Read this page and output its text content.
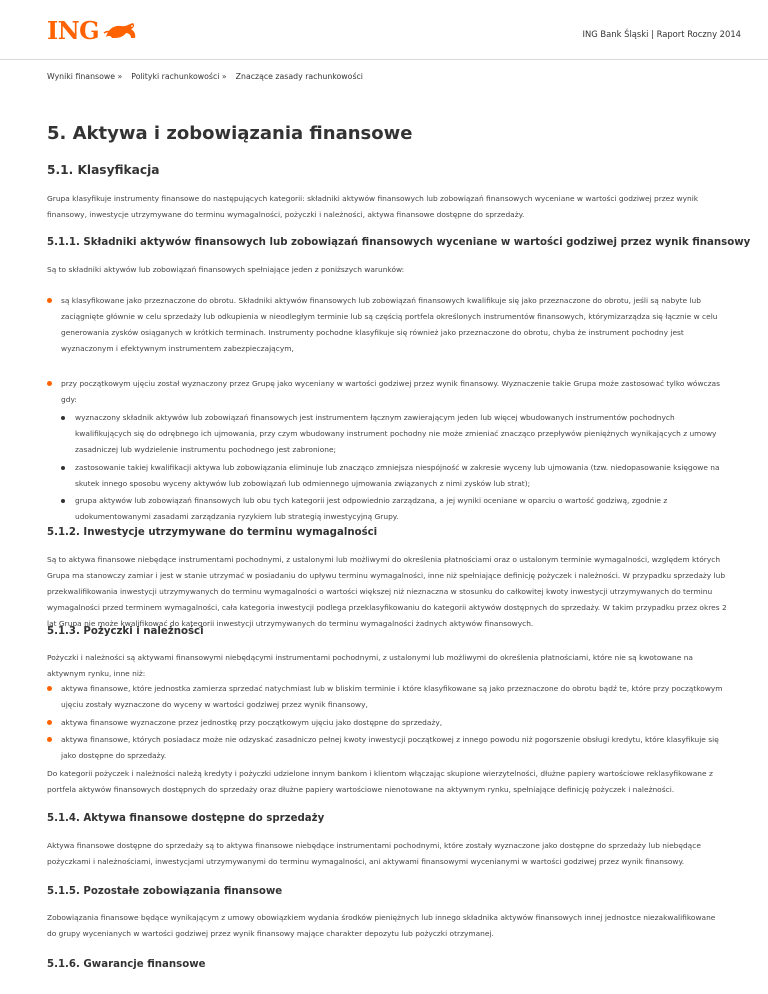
ING	ING Bank Śląski | Raport Roczny 2014
Wyniki finansowe » Polityki rachunkowości » Znaczące zasady rachunkowości
5. Aktywa i zobowiązania finansowe
5.1. Klasyfikacja

Grupa klasyfikuje instrumenty finansowe do następujących kategorii: składniki aktywów finansowych lub zobowiązań finansowych wyceniane w wartości godziwej przez wynik finansowy, inwestycje utrzymywane do terminu wymagalności, pożyczki i należności, aktywa finansowe dostępne do sprzedaży.

5.1.1. Składniki aktywów finansowych lub zobowiązań finansowych wyceniane w wartości godziwej przez wynik finansowy

Są to składniki aktywów lub zobowiązań finansowych spełniające jeden z poniższych warunków:

są klasyfikowane jako przeznaczone do obrotu. Składniki aktywów finansowych lub zobowiązań finansowych kwalifikuje się jako przeznaczone do obrotu, jeśli są nabyte lub zaciągnięte głównie w celu sprzedaży lub odkupienia w nieodległym terminie lub są częścią portfela określonych instrumentów finansowych, którymizarządza się łącznie w celu generowania zysków osiąganych w krótkich terminach. Instrumenty pochodne klasyfikuje się również jako przeznaczone do obrotu, chyba że instrument pochodny jest wyznaczonym i efektywnym instrumentem zabezpieczającym,
przy początkowym ujęciu został wyznaczony przez Grupę jako wyceniany w wartości godziwej przez wynik finansowy. Wyznaczenie takie Grupa może zastosować tylko wówczas gdy:
wyznaczony składnik aktywów lub zobowiązań finansowych jest instrumentem łącznym zawierającym jeden lub więcej wbudowanych instrumentów pochodnych kwalifikujących się do odrębnego ich ujmowania, przy czym wbudowany instrument pochodny nie może zmieniać znacząco przepływów pieniężnych wynikających z umowy zasadniczej lub wydzielenie instrumentu pochodnego jest zabronione;
zastosowanie takiej kwalifikacji aktywa lub zobowiązania eliminuje lub znacząco zmniejsza niespójność w zakresie wyceny lub ujmowania (tzw. niedopasowanie księgowe na skutek innego sposobu wyceny aktywów lub zobowiązań lub odmiennego ujmowania związanych z nimi zysków lub strat);
grupa aktywów lub zobowiązań finansowych lub obu tych kategorii jest odpowiednio zarządzana, a jej wyniki oceniane w oparciu o wartość godziwą, zgodnie z udokumentowanymi zasadami zarządzania ryzykiem lub strategią inwestycyjną Grupy.
5.1.2. Inwestycje utrzymywane do terminu wymagalności

Są to aktywa finansowe niebędące instrumentami pochodnymi, z ustalonymi lub możliwymi do określenia płatnościami oraz o ustalonym terminie wymagalności, względem których Grupa ma stanowczy zamiar i jest w stanie utrzymać w posiadaniu do upływu terminu wymagalności, inne niż spełniające definicję pożyczek i należności. W przypadku sprzedaży lub przekwalifikowania inwestycji utrzymywanych do terminu wymagalności o wartości większej niż nieznaczna w stosunku do całkowitej kwoty inwestycji utrzymywanych do terminu wymagalności przed terminem wymagalności, cała kategoria inwestycji podlega przeklasyfikowaniu do kategorii aktywów dostępnych do sprzedaży. W takim przypadku przez okres 2 lat Grupa nie może kwalifikować do kategorii inwestycji utrzymywanych do terminu wymagalności żadnych aktywów finansowych.

5.1.3. Pożyczki i należności

Pożyczki i należności są aktywami finansowymi niebędącymi instrumentami pochodnymi, z ustalonymi lub możliwymi do określenia płatnościami, które nie są kwotowane na aktywnym rynku, inne niż:

aktywa finansowe, które jednostka zamierza sprzedać natychmiast lub w bliskim terminie i które klasyfikowane są jako przeznaczone do obrotu bądź te, które przy początkowym ujęciu zostały wyznaczone do wyceny w wartości godziwej przez wynik finansowy,
aktywa finansowe wyznaczone przez jednostkę przy początkowym ujęciu jako dostępne do sprzedaży,
aktywa finansowe, których posiadacz może nie odzyskać zasadniczo pełnej kwoty inwestycji początkowej z innego powodu niż pogorszenie obsługi kredytu, które klasyfikuje się jako dostępne do sprzedaży.

Do kategorii pożyczek i należności należą kredyty i pożyczki udzielone innym bankom i klientom włączając skupione wierzytelności, dłużne papiery wartościowe reklasyfikowane z portfela aktywów finansowych dostępnych do sprzedaży oraz dłużne papiery wartościowe nienotowane na aktywnym rynku, spełniające definicję pożyczek i należności.

5.1.4. Aktywa finansowe dostępne do sprzedaży

Aktywa finansowe dostępne do sprzedaży są to aktywa finansowe niebędące instrumentami pochodnymi, które zostały wyznaczone jako dostępne do sprzedaży lub niebędące pożyczkami i należnościami, inwestycjami utrzymywanymi do terminu wymagalności, ani aktywami finansowymi wycenianymi w wartości godziwej przez wynik finansowy.

5.1.5. Pozostałe zobowiązania finansowe

Zobowiązania finansowe będące wynikającym z umowy obowiązkiem wydania środków pieniężnych lub innego składnika aktywów finansowych innej jednostce niezakwalifikowane do grupy wycenianych w wartości godziwej przez wynik finansowy mające charakter depozytu lub pożyczki otrzymanej.

5.1.6. Gwarancje finansowe
